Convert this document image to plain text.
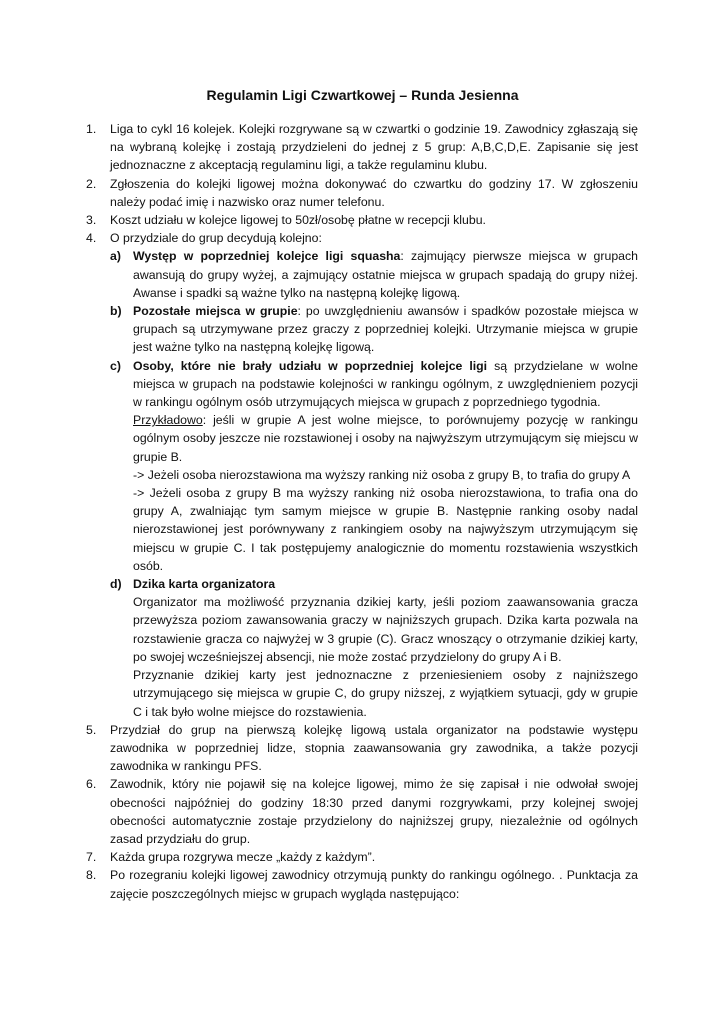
Regulamin Ligi Czwartkowej – Runda Jesienna
1. Liga to cykl 16 kolejek. Kolejki rozgrywane są w czwartki o godzinie 19. Zawodnicy zgłaszają się na wybraną kolejkę i zostają przydzieleni do jednej z 5 grup: A,B,C,D,E. Zapisanie się jest jednoznaczne z akceptacją regulaminu ligi, a także regulaminu klubu.
2. Zgłoszenia do kolejki ligowej można dokonywać do czwartku do godziny 17. W zgłoszeniu należy podać imię i nazwisko oraz numer telefonu.
3. Koszt udziału w kolejce ligowej to 50zł/osobę płatne w recepcji klubu.
4. O przydziale do grup decydują kolejno:
a) Występ w poprzedniej kolejce ligi squasha: zajmujący pierwsze miejsca w grupach awansują do grupy wyżej, a zajmujący ostatnie miejsca w grupach spadają do grupy niżej. Awanse i spadki są ważne tylko na następną kolejkę ligową.
b) Pozostałe miejsca w grupie: po uwzględnieniu awansów i spadków pozostałe miejsca w grupach są utrzymywane przez graczy z poprzedniej kolejki. Utrzymanie miejsca w grupie jest ważne tylko na następną kolejkę ligową.
c) Osoby, które nie brały udziału w poprzedniej kolejce ligi są przydzielane w wolne miejsca w grupach na podstawie kolejności w rankingu ogólnym, z uwzględnieniem pozycji w rankingu ogólnym osób utrzymujących miejsca w grupach z poprzedniego tygodnia.
Przykładowo: jeśli w grupie A jest wolne miejsce, to porównujemy pozycję w rankingu ogólnym osoby jeszcze nie rozstawionej i osoby na najwyższym utrzymującym się miejscu w grupie B.
-> Jeżeli osoba nierozstawiona ma wyższy ranking niż osoba z grupy B, to trafia do grupy A
-> Jeżeli osoba z grupy B ma wyższy ranking niż osoba nierozstawiona, to trafia ona do grupy A, zwalniając tym samym miejsce w grupie B. Następnie ranking osoby nadal nierozstawionej jest porównywany z rankingiem osoby na najwyższym utrzymującym się miejscu w grupie C. I tak postępujemy analogicznie do momentu rozstawienia wszystkich osób.
d) Dzika karta organizatora
Organizator ma możliwość przyznania dzikiej karty, jeśli poziom zaawansowania gracza przewyższa poziom zawansowania graczy w najniższych grupach. Dzika karta pozwala na rozstawienie gracza co najwyżej w 3 grupie (C). Gracz wnoszący o otrzymanie dzikiej karty, po swojej wcześniejszej absencji, nie może zostać przydzielony do grupy A i B.
Przyznanie dzikiej karty jest jednoznaczne z przeniesieniem osoby z najniższego utrzymującego się miejsca w grupie C, do grupy niższej, z wyjątkiem sytuacji, gdy w grupie C i tak było wolne miejsce do rozstawienia.
5. Przydział do grup na pierwszą kolejkę ligową ustala organizator na podstawie występu zawodnika w poprzedniej lidze, stopnia zaawansowania gry zawodnika, a także pozycji zawodnika w rankingu PFS.
6. Zawodnik, który nie pojawił się na kolejce ligowej, mimo że się zapisał i nie odwołał swojej obecności najpóźniej do godziny 18:30 przed danymi rozgrywkami, przy kolejnej swojej obecności automatycznie zostaje przydzielony do najniższej grupy, niezależnie od ogólnych zasad przydziału do grup.
7. Każda grupa rozgrywa mecze „każdy z każdym”.
8. Po rozegraniu kolejki ligowej zawodnicy otrzymują punkty do rankingu ogólnego. . Punktacja za zajęcie poszczególnych miejsc w grupach wygląda następująco:
